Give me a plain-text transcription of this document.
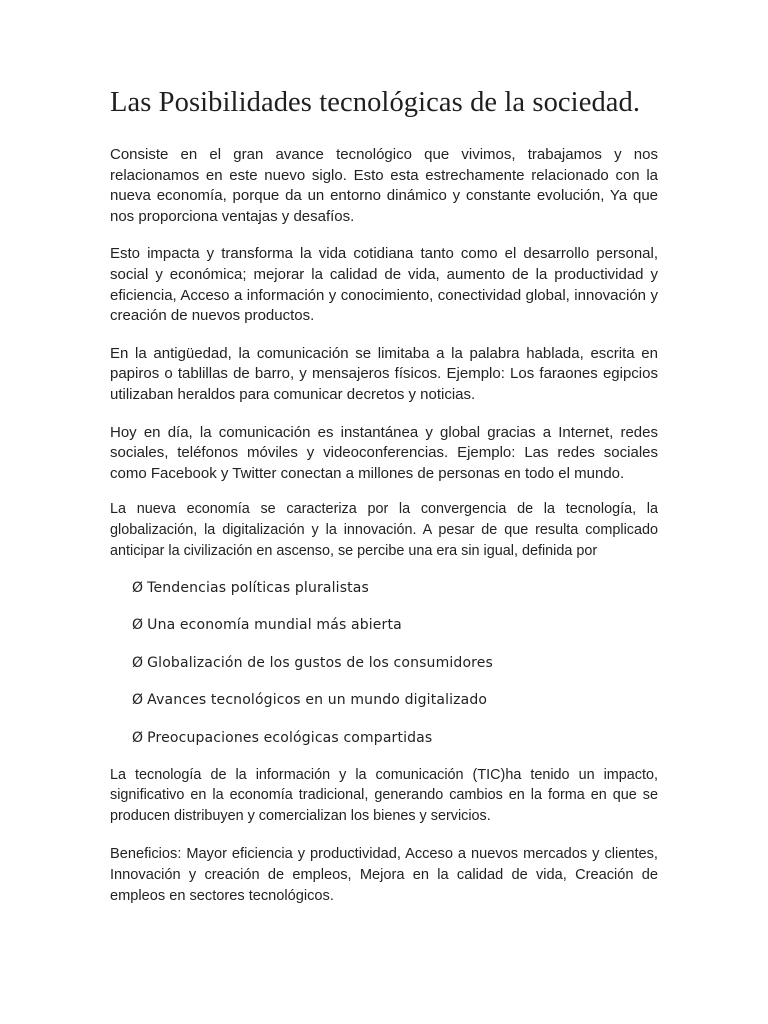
Las Posibilidades tecnológicas de la sociedad.

Consiste en el gran avance tecnológico que vivimos, trabajamos y nos relacionamos en este nuevo siglo. Esto esta estrechamente relacionado con la nueva economía, porque da un entorno dinámico y constante evolución, Ya que nos proporciona ventajas y desafíos.

Esto impacta y transforma la vida cotidiana tanto como el desarrollo personal, social y económica; mejorar la calidad de vida, aumento de la productividad y eficiencia, Acceso a información y conocimiento, conectividad global, innovación y creación de nuevos productos.

En la antigüedad, la comunicación se limitaba a la palabra hablada, escrita en papiros o tablillas de barro, y mensajeros físicos. Ejemplo: Los faraones egipcios utilizaban heraldos para comunicar decretos y noticias.

Hoy en día, la comunicación es instantánea y global gracias a Internet, redes sociales, teléfonos móviles y videoconferencias. Ejemplo: Las redes sociales como Facebook y Twitter conectan a millones de personas en todo el mundo.

La nueva economía se caracteriza por la convergencia de la tecnología, la globalización, la digitalización y la innovación. A pesar de que resulta complicado anticipar la civilización en ascenso, se percibe una era sin igual, definida por

Ø Tendencias políticas pluralistas
Ø Una economía mundial más abierta
Ø Globalización de los gustos de los consumidores
Ø Avances tecnológicos en un mundo digitalizado
Ø Preocupaciones ecológicas compartidas

La tecnología de la información y la comunicación (TIC)ha tenido un impacto, significativo en la economía tradicional, generando cambios en la forma en que se producen distribuyen y comercializan los bienes y servicios.

Beneficios: Mayor eficiencia y productividad, Acceso a nuevos mercados y clientes, Innovación y creación de empleos, Mejora en la calidad de vida, Creación de empleos en sectores tecnológicos.
